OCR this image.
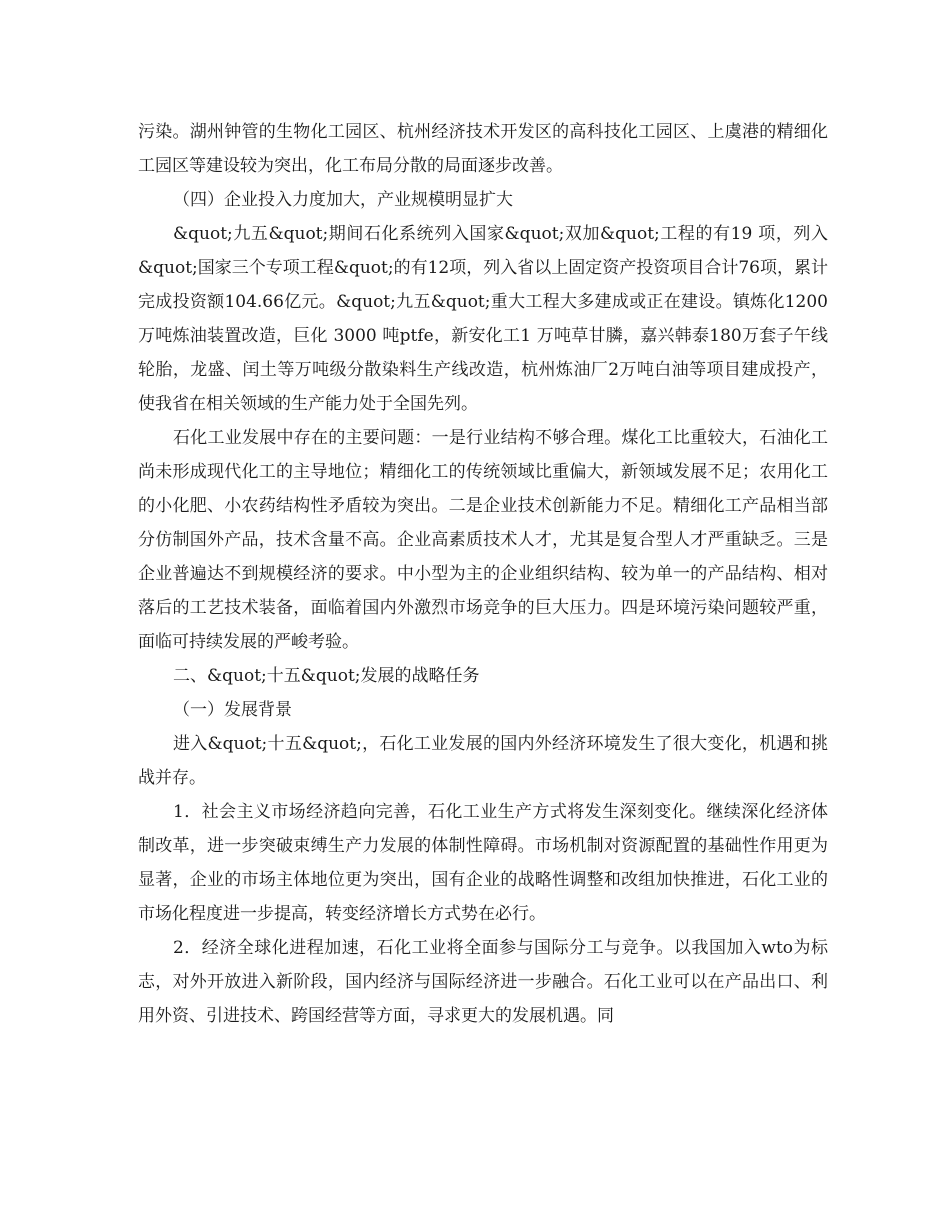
污染。湖州钟管的生物化工园区、杭州经济技术开发区的高科技化工园区、上虞港的精细化工园区等建设较为突出，化工布局分散的局面逐步改善。

（四）企业投入力度加大，产业规模明显扩大

&quot;九五&quot;期间石化系统列入国家&quot;双加&quot;工程的有19 项，列入&quot;国家三个专项工程&quot;的有12项，列入省以上固定资产投资项目合计76项，累计完成投资额104.66亿元。&quot;九五&quot;重大工程大多建成或正在建设。镇炼化1200万吨炼油装置改造，巨化 3000 吨ptfe，新安化工1 万吨草甘膦，嘉兴韩泰180万套子午线轮胎，龙盛、闰土等万吨级分散染料生产线改造，杭州炼油厂2万吨白油等项目建成投产，使我省在相关领域的生产能力处于全国先列。

石化工业发展中存在的主要问题：一是行业结构不够合理。煤化工比重较大，石油化工尚未形成现代化工的主导地位；精细化工的传统领域比重偏大，新领域发展不足；农用化工的小化肥、小农药结构性矛盾较为突出。二是企业技术创新能力不足。精细化工产品相当部分仿制国外产品，技术含量不高。企业高素质技术人才，尤其是复合型人才严重缺乏。三是企业普遍达不到规模经济的要求。中小型为主的企业组织结构、较为单一的产品结构、相对落后的工艺技术装备，面临着国内外激烈市场竞争的巨大压力。四是环境污染问题较严重，面临可持续发展的严峻考验。

二、&quot;十五&quot;发展的战略任务

（一）发展背景

进入&quot;十五&quot;，石化工业发展的国内外经济环境发生了很大变化，机遇和挑战并存。

1．社会主义市场经济趋向完善，石化工业生产方式将发生深刻变化。继续深化经济体制改革，进一步突破束缚生产力发展的体制性障碍。市场机制对资源配置的基础性作用更为显著，企业的市场主体地位更为突出，国有企业的战略性调整和改组加快推进，石化工业的市场化程度进一步提高，转变经济增长方式势在必行。

2．经济全球化进程加速，石化工业将全面参与国际分工与竞争。以我国加入wto为标志，对外开放进入新阶段，国内经济与国际经济进一步融合。石化工业可以在产品出口、利用外资、引进技术、跨国经营等方面，寻求更大的发展机遇。同
